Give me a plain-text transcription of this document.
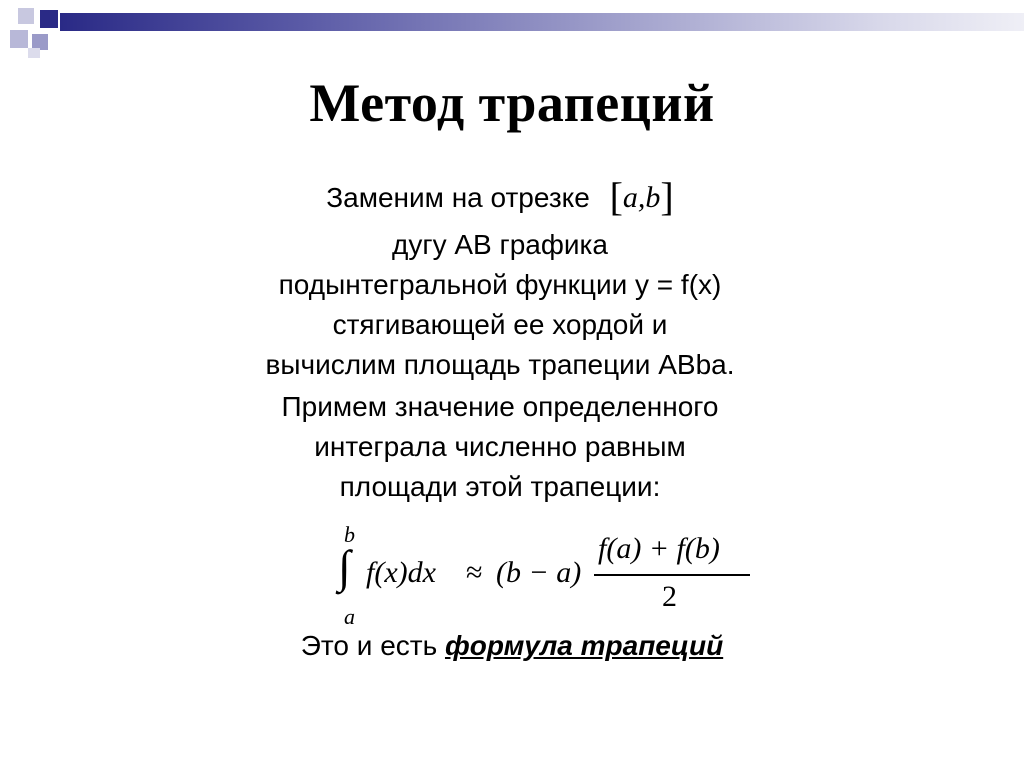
Метод трапеций
Заменим на отрезке [a,b]
дугу AB графика
подынтегральной функции y = f(x)
стягивающей ее хордой и
вычислим площадь трапеции ABba.
Примем значение определенного
интеграла численно равным
площади этой трапеции:
b
∫
a
f(x)dx ≈ (b − a)
f(a) + f(b)
2
Это и есть формула трапеций
